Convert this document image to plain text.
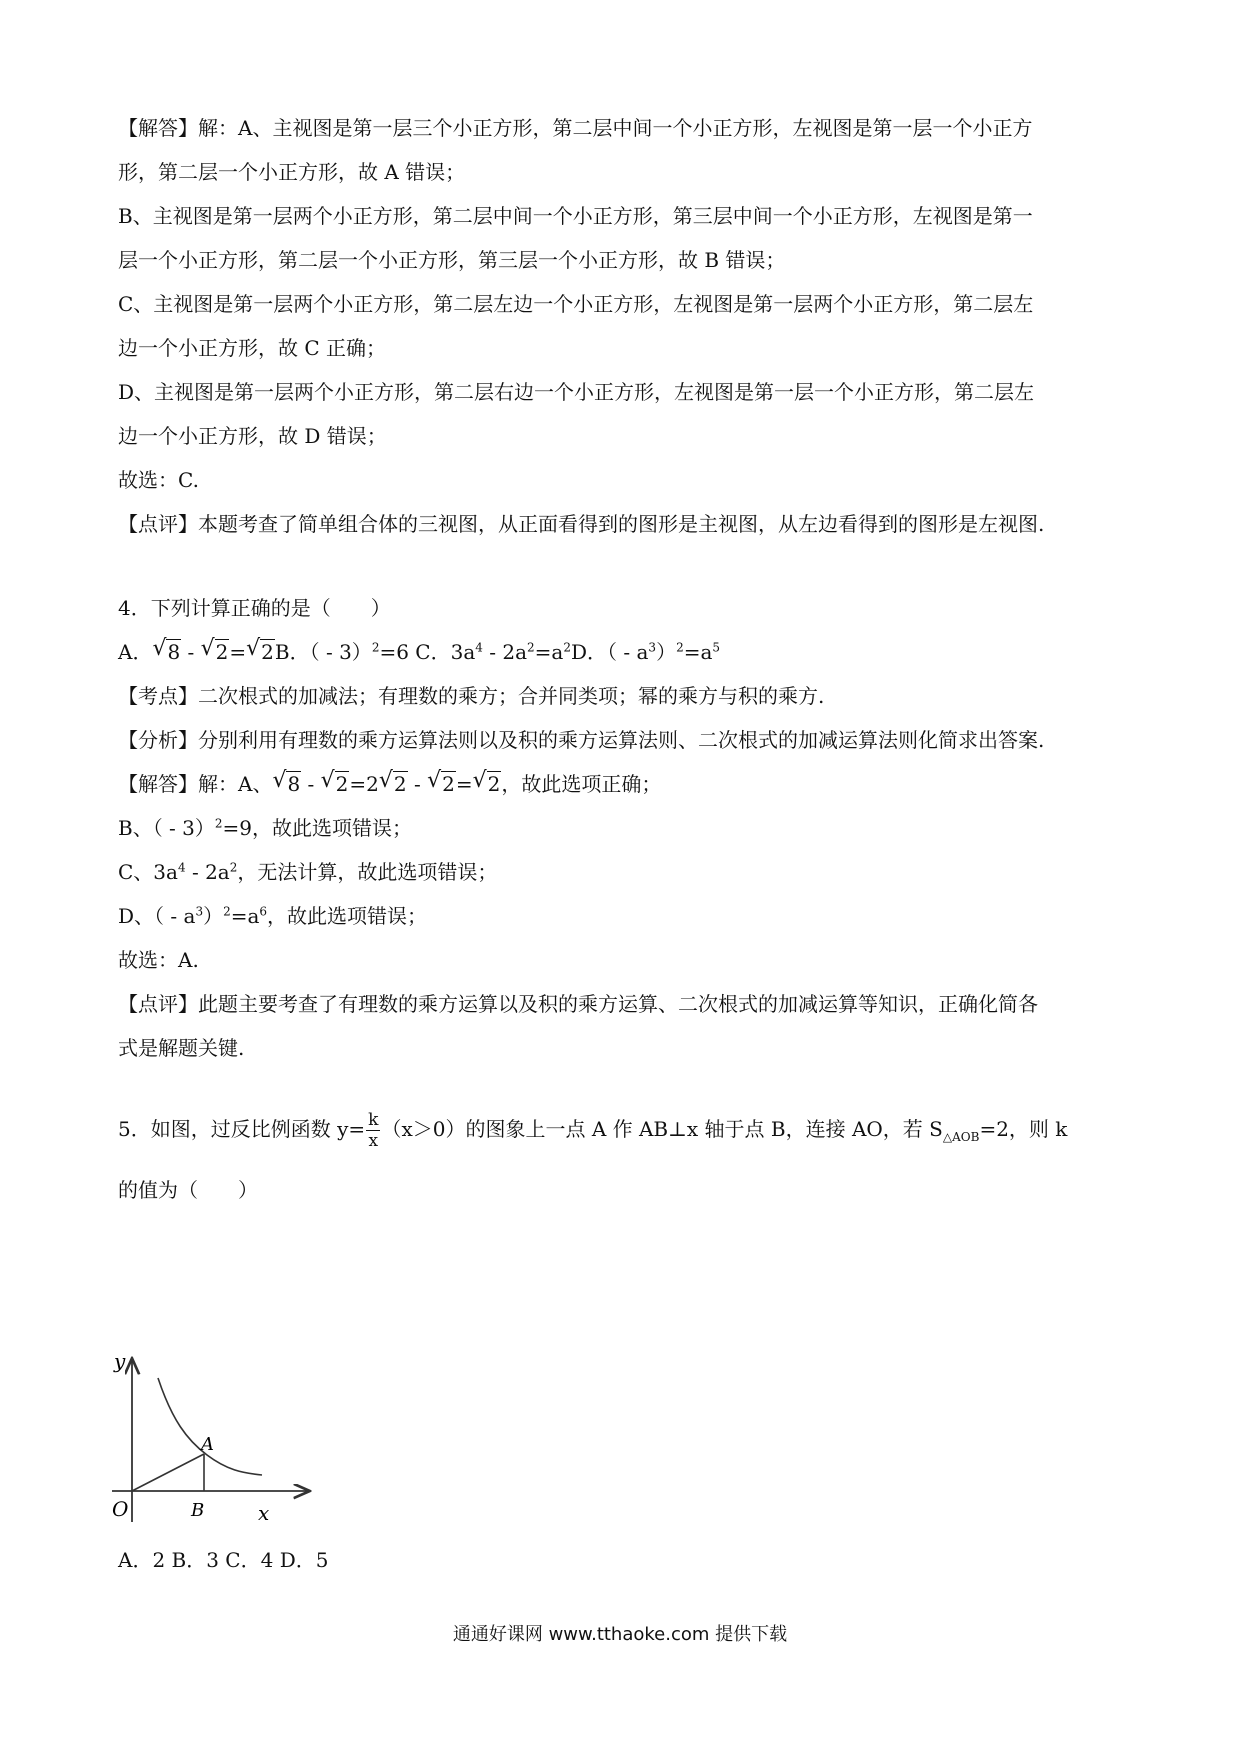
【解答】解：A、主视图是第一层三个小正方形，第二层中间一个小正方形，左视图是第一层一个小正方
形，第二层一个小正方形，故 A 错误；
B、主视图是第一层两个小正方形，第二层中间一个小正方形，第三层中间一个小正方形，左视图是第一
层一个小正方形，第二层一个小正方形，第三层一个小正方形，故 B 错误；
C、主视图是第一层两个小正方形，第二层左边一个小正方形，左视图是第一层两个小正方形，第二层左
边一个小正方形，故 C 正确；
D、主视图是第一层两个小正方形，第二层右边一个小正方形，左视图是第一层一个小正方形，第二层左
边一个小正方形，故 D 错误；
故选：C.
【点评】本题考查了简单组合体的三视图，从正面看得到的图形是主视图，从左边看得到的图形是左视图.
4．下列计算正确的是（　　）
A． √ 8 - √ 2= √ 2B．（ - 3）$^2$=6 C．$3a^4 - 2a^2=a^2D$．（ - $a^3)^2=a^5$
【考点】二次根式的加减法；有理数的乘方；合并同类项；幂的乘方与积的乘方.
【分析】分别利用有理数的乘方运算法则以及积的乘方运算法则、二次根式的加减运算法则化简求出答案.
【解答】解：A、 √ 8 - √ 2=2 √ 2 - √ 2= √ 2，故此选项正确；
B、（ - 3）$^2$=9，故此选项错误；
C、$3a^4 - 2a^2$，无法计算，故此选项错误；
D、（ - $a^3)^2=a^6$，故此选项错误；
故选：A.
【点评】此题主要考查了有理数的乘方运算以及积的乘方运算、二次根式的加减运算等知识，正确化简各
式是解题关键.
5．如图，过反比例函数 $y= \frac{k}{x} (x>0)$的图象上一点 A 作 AB⊥x 轴于点 B，连接 AO，若 $S_{\triangle AOB}=2$，则 k
的值为（　　）
y
x
O
A
B
A．2 B．3 C．4 D．5
通通好课网 www.tthaoke.com 提供下载
